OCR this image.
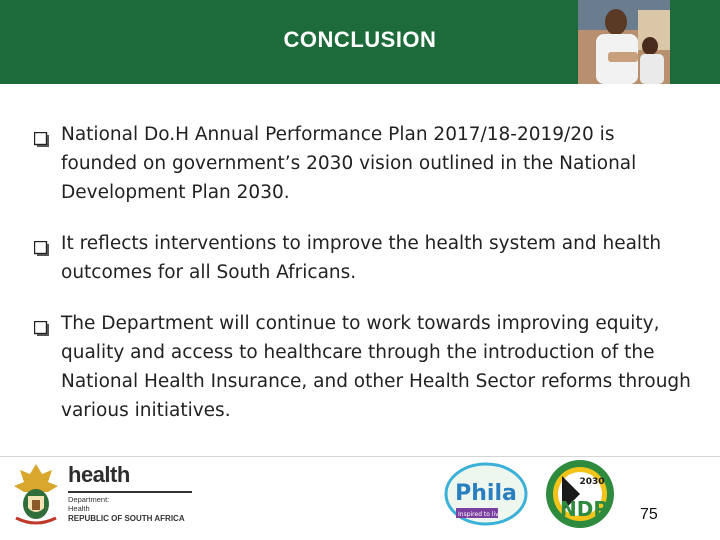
CONCLUSION
National Do.H Annual Performance Plan 2017/18-2019/20 is founded on government’s 2030 vision outlined in the National Development Plan 2030.
It reflects interventions to improve the health system and health outcomes for all South Africans.
The Department will continue to work towards improving equity, quality and access to healthcare through the introduction of the National Health Insurance, and other Health Sector reforms through various initiatives.
health
Department:
Health
REPUBLIC OF SOUTH AFRICA
Phila
Inspired to live
2030
NDP 75
